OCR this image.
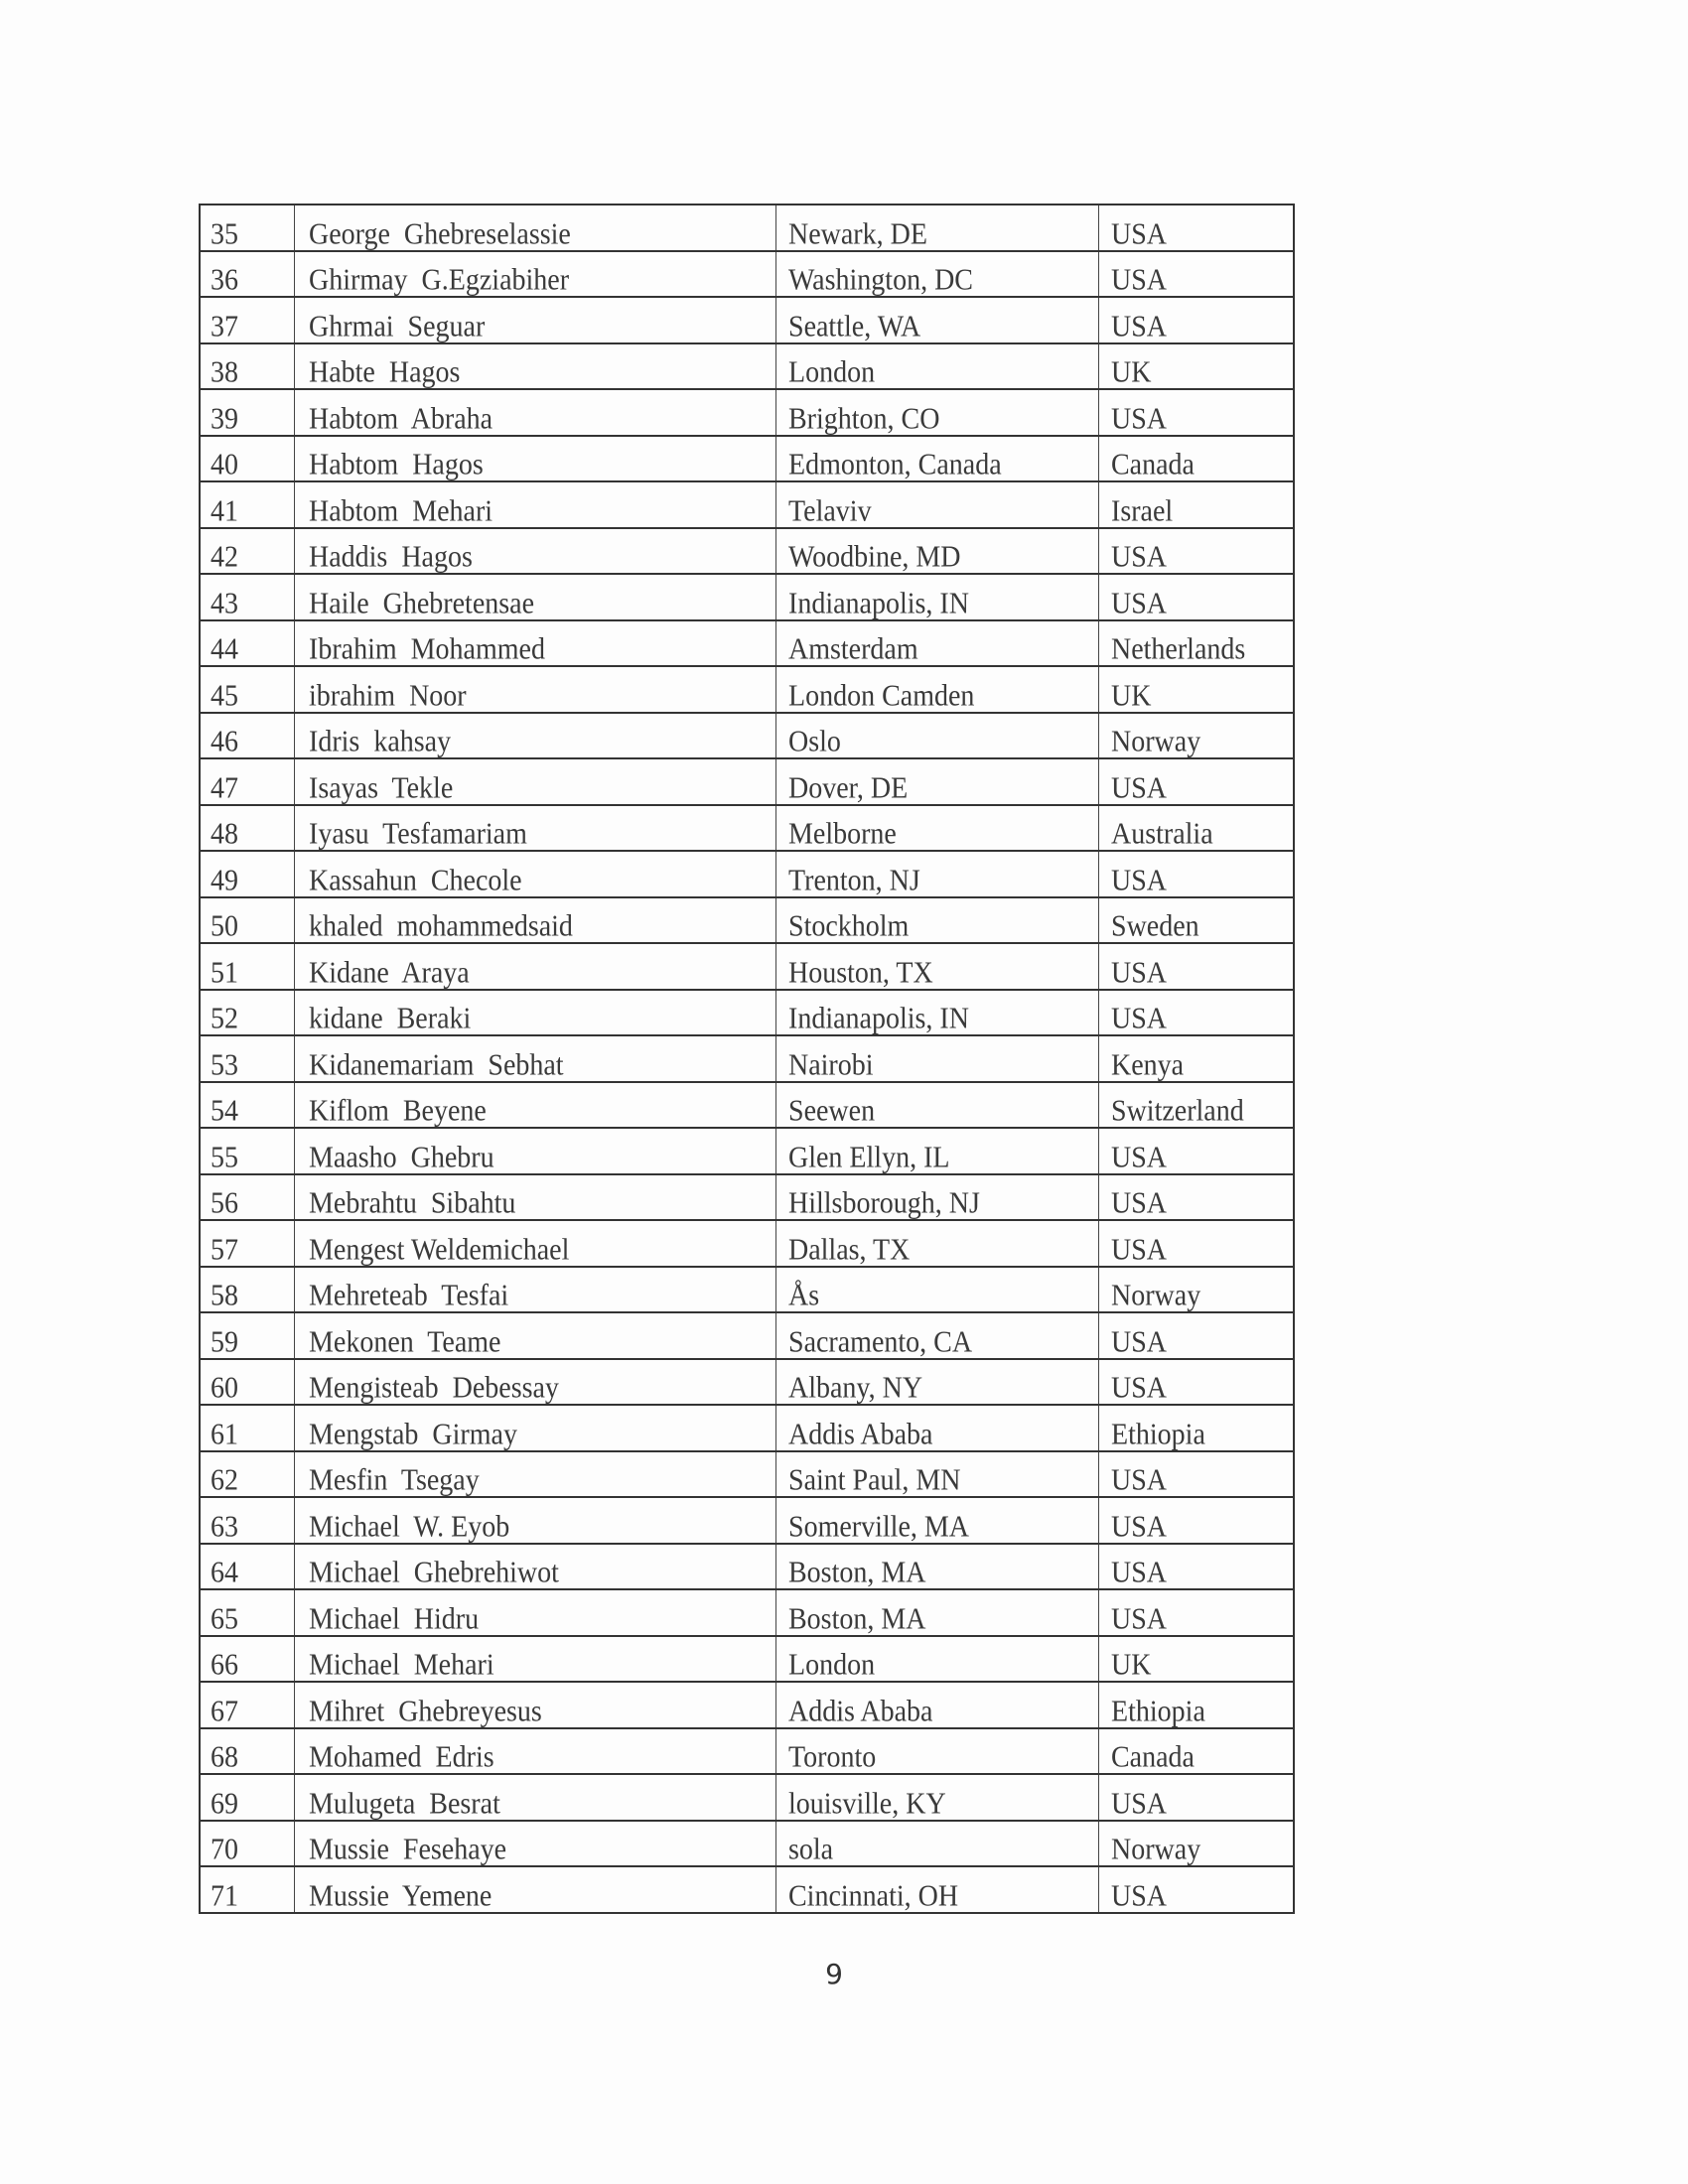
35	George  Ghebreselassie	Newark, DE	USA
36	Ghirmay  G.Egziabiher	Washington, DC	USA
37	Ghrmai  Seguar	Seattle, WA	USA
38	Habte  Hagos	London	UK
39	Habtom  Abraha	Brighton, CO	USA
40	Habtom  Hagos	Edmonton, Canada	Canada
41	Habtom  Mehari	Telaviv	Israel
42	Haddis  Hagos	Woodbine, MD	USA
43	Haile  Ghebretensae	Indianapolis, IN	USA
44	Ibrahim  Mohammed	Amsterdam	Netherlands
45	ibrahim  Noor	London Camden	UK
46	Idris  kahsay	Oslo	Norway
47	Isayas  Tekle	Dover, DE	USA
48	Iyasu  Tesfamariam	Melborne	Australia
49	Kassahun  Checole	Trenton, NJ	USA
50	khaled  mohammedsaid	Stockholm	Sweden
51	Kidane  Araya	Houston, TX	USA
52	kidane  Beraki	Indianapolis, IN	USA
53	Kidanemariam  Sebhat	Nairobi	Kenya
54	Kiflom  Beyene	Seewen	Switzerland
55	Maasho  Ghebru	Glen Ellyn, IL	USA
56	Mebrahtu  Sibahtu	Hillsborough, NJ	USA
57	Mengest Weldemichael	Dallas, TX	USA
58	Mehreteab  Tesfai	Ås	Norway
59	Mekonen  Teame	Sacramento, CA	USA
60	Mengisteab  Debessay	Albany, NY	USA
61	Mengstab  Girmay	Addis Ababa	Ethiopia
62	Mesfin  Tsegay	Saint Paul, MN	USA
63	Michael  W. Eyob	Somerville, MA	USA
64	Michael  Ghebrehiwot	Boston, MA	USA
65	Michael  Hidru	Boston, MA	USA
66	Michael  Mehari	London	UK
67	Mihret  Ghebreyesus	Addis Ababa	Ethiopia
68	Mohamed  Edris	Toronto	Canada
69	Mulugeta  Besrat	louisville, KY	USA
70	Mussie  Fesehaye	sola	Norway
71	Mussie  Yemene	Cincinnati, OH	USA
9
